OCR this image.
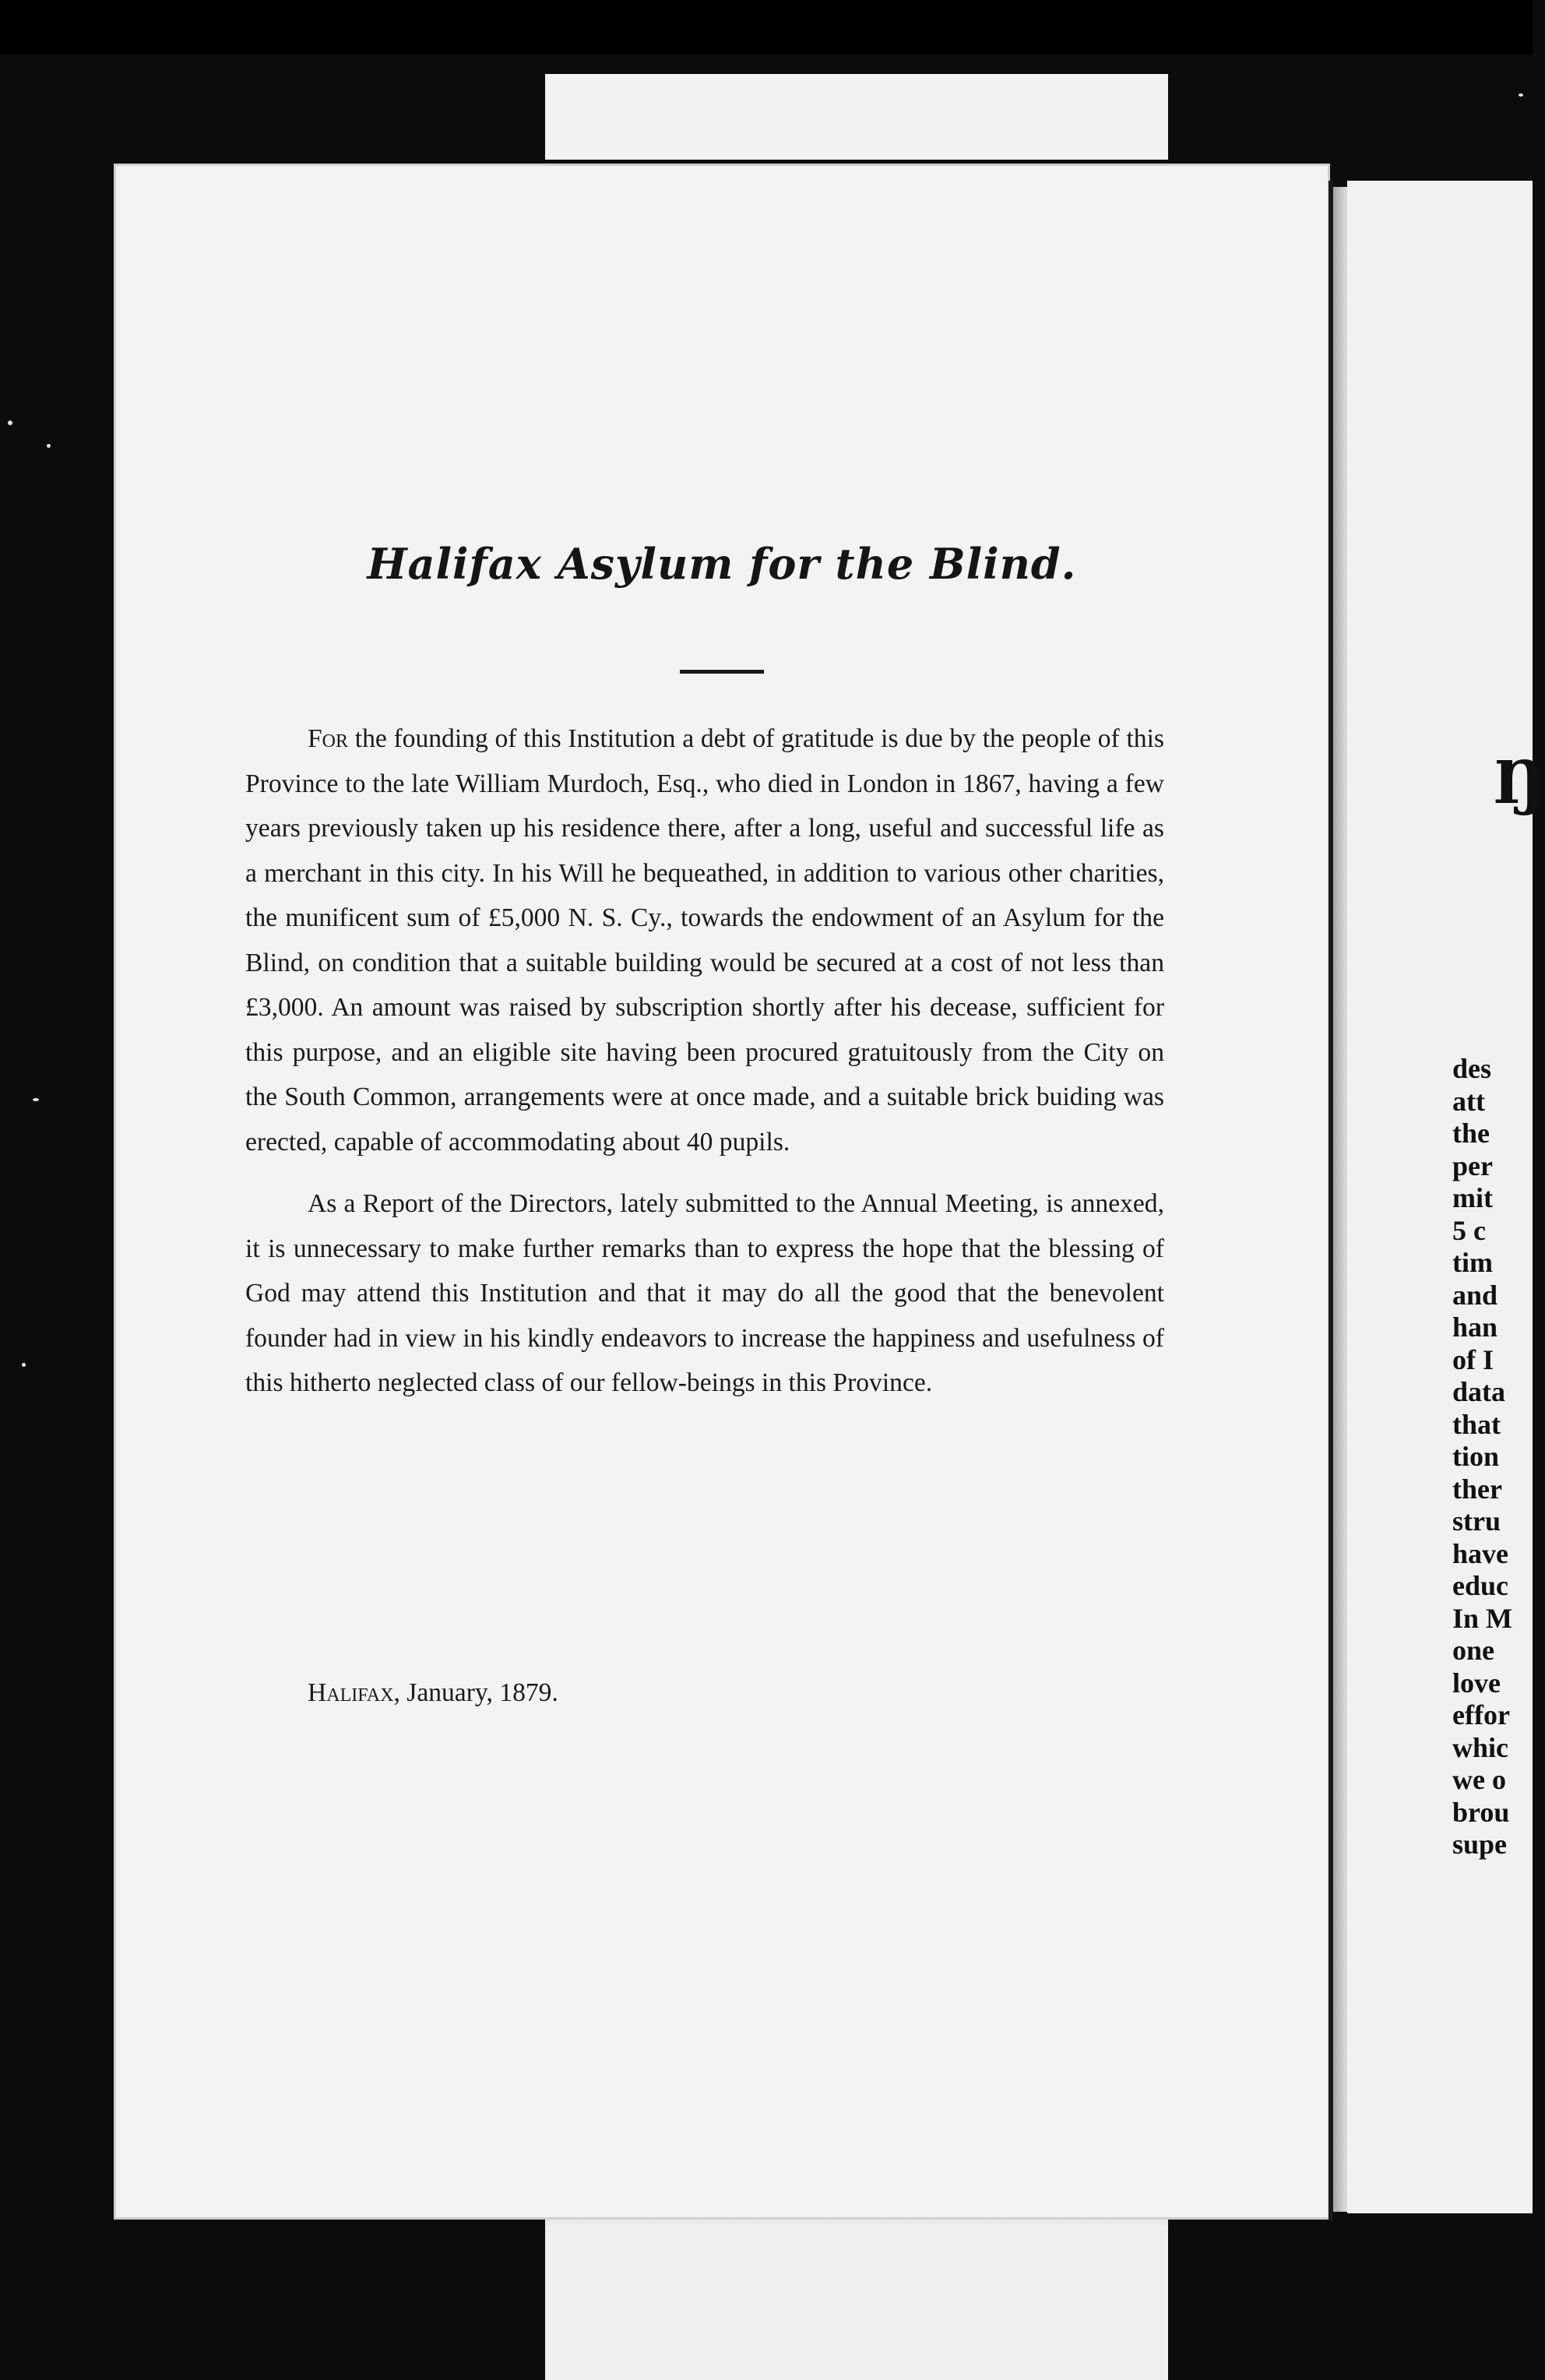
Halifax Asylum for the Blind.

For the founding of this Institution a debt of gratitude is due by the people of this Province to the late William Murdoch, Esq., who died in London in 1867, having a few years previously taken up his residence there, after a long, useful and successful life as a merchant in this city. In his Will he bequeathed, in addition to various other charities, the munificent sum of £5,000 N. S. Cy., towards the endowment of an Asylum for the Blind, on condition that a suitable building would be secured at a cost of not less than £3,000. An amount was raised by subscription shortly after his decease, sufficient for this purpose, and an eligible site having been procured gratuitously from the City on the South Common, arrangements were at once made, and a suitable brick buiding was erected, capable of accommodating about 40 pupils.

As a Report of the Directors, lately submitted to the Annual Meeting, is annexed, it is unnecessary to make further remarks than to express the hope that the blessing of God may attend this Institution and that it may do all the good that the benevolent founder had in view in his kindly endeavors to increase the happiness and usefulness of this hitherto neglected class of our fellow-beings in this Province.

Halifax, January, 1879.

Ŋ
des
att
the
per
mit
5 c
tim
and
han
of I
data
that
tion
ther
stru
have
educ
In M
one
love
effor
whic
we o
brou
supe
